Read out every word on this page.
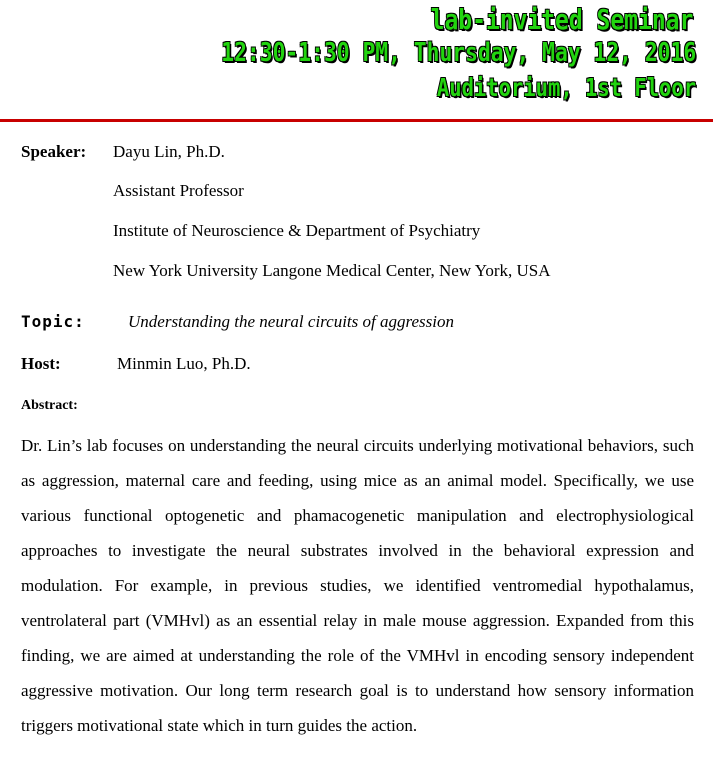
lab-invited Seminar
12:30-1:30 PM, Thursday, May 12, 2016
Auditorium, 1st Floor
Speaker: Dayu Lin, Ph.D.
Assistant Professor
Institute of Neuroscience & Department of Psychiatry
New York University Langone Medical Center, New York, USA
Topic:	Understanding the neural circuits of aggression
Host:	Minmin Luo, Ph.D.
Abstract:

Dr. Lin’s lab focuses on understanding the neural circuits underlying motivational behaviors, such as aggression, maternal care and feeding, using mice as an animal model. Specifically, we use various functional optogenetic and phamacogenetic manipulation and electrophysiological approaches to investigate the neural substrates involved in the behavioral expression and modulation. For example, in previous studies, we identified ventromedial hypothalamus, ventrolateral part (VMHvl) as an essential relay in male mouse aggression. Expanded from this finding, we are aimed at understanding the role of the VMHvl in encoding sensory independent aggressive motivation. Our long term research goal is to understand how sensory information triggers motivational state which in turn guides the action.
